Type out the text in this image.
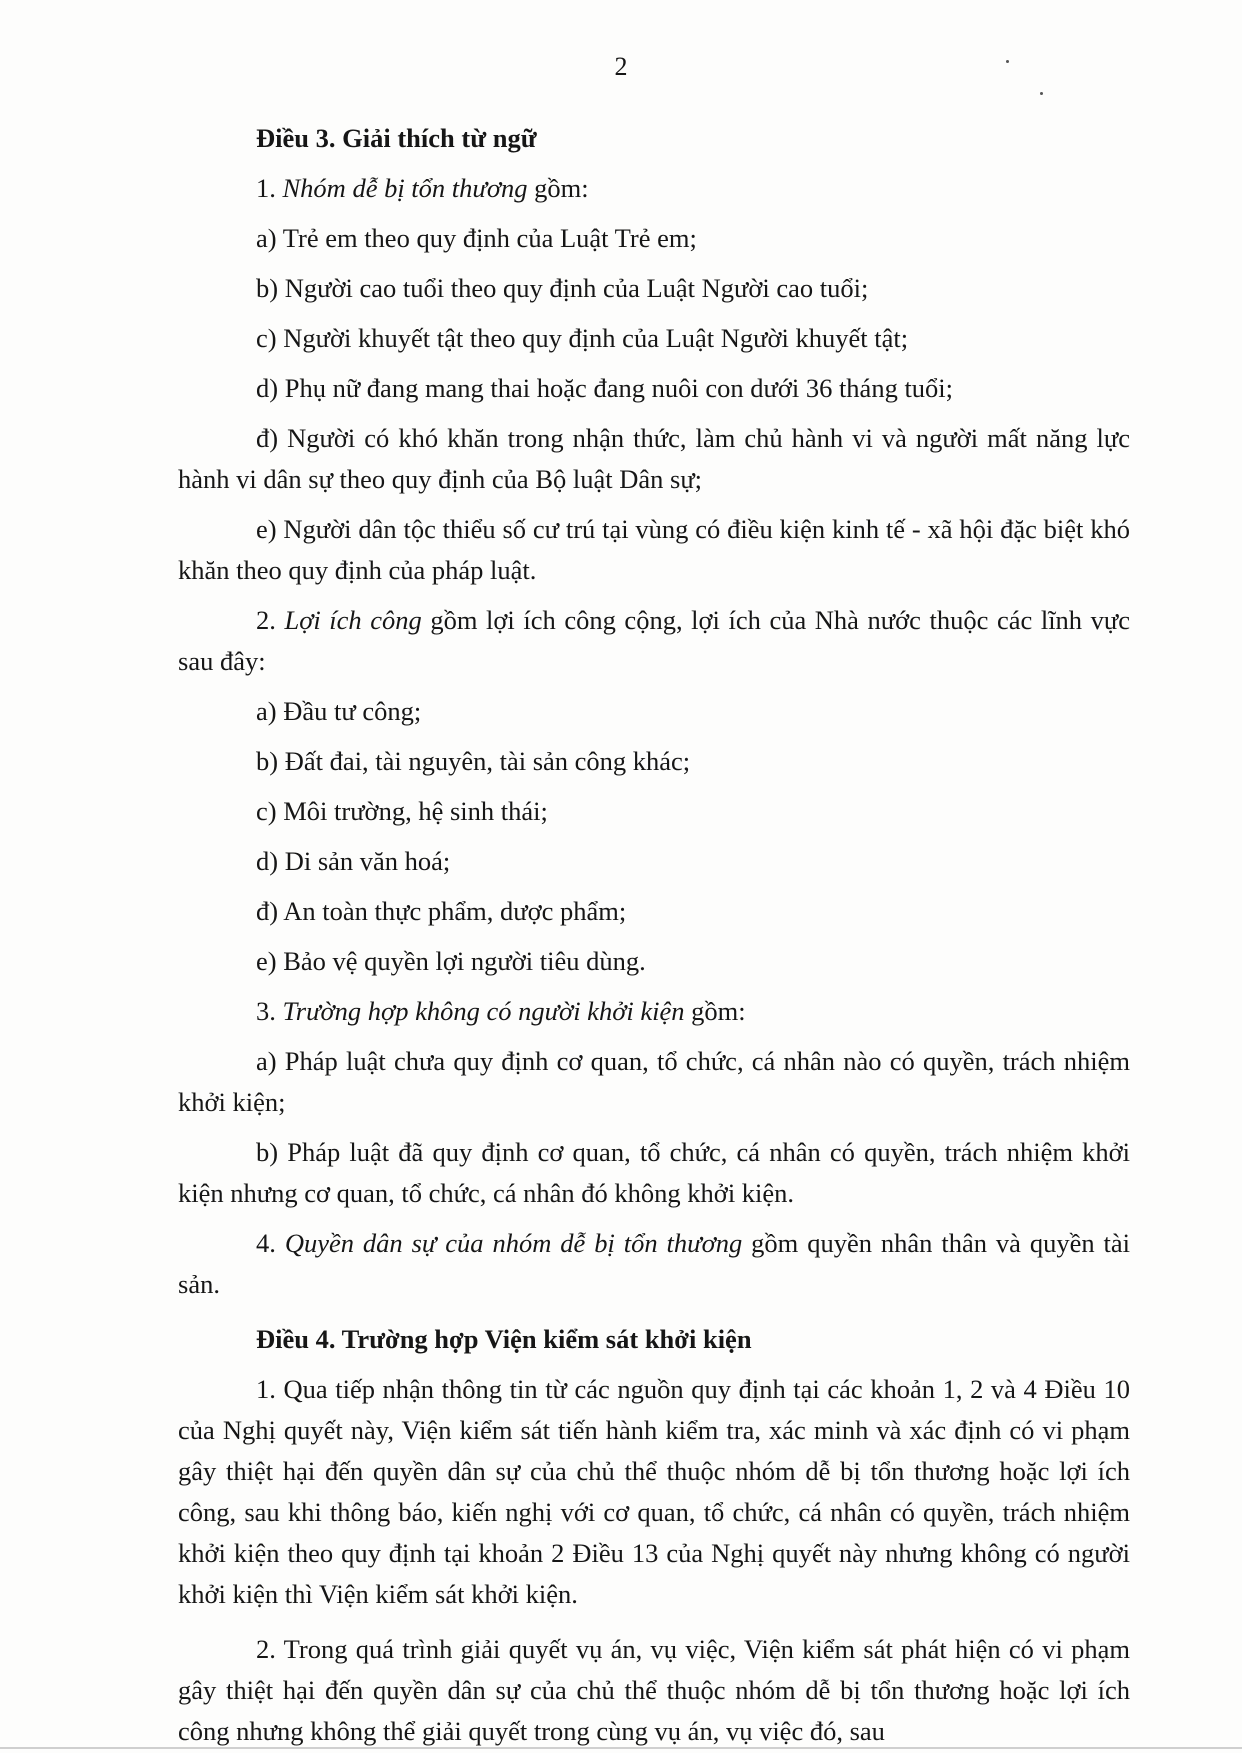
2
Điều 3. Giải thích từ ngữ
1. Nhóm dễ bị tổn thương gồm:
a) Trẻ em theo quy định của Luật Trẻ em;
b) Người cao tuổi theo quy định của Luật Người cao tuổi;
c) Người khuyết tật theo quy định của Luật Người khuyết tật;
d) Phụ nữ đang mang thai hoặc đang nuôi con dưới 36 tháng tuổi;
đ) Người có khó khăn trong nhận thức, làm chủ hành vi và người mất năng lực hành vi dân sự theo quy định của Bộ luật Dân sự;
e) Người dân tộc thiểu số cư trú tại vùng có điều kiện kinh tế - xã hội đặc biệt khó khăn theo quy định của pháp luật.
2. Lợi ích công gồm lợi ích công cộng, lợi ích của Nhà nước thuộc các lĩnh vực sau đây:
a) Đầu tư công;
b) Đất đai, tài nguyên, tài sản công khác;
c) Môi trường, hệ sinh thái;
d) Di sản văn hoá;
đ) An toàn thực phẩm, dược phẩm;
e) Bảo vệ quyền lợi người tiêu dùng.
3. Trường hợp không có người khởi kiện gồm:
a) Pháp luật chưa quy định cơ quan, tổ chức, cá nhân nào có quyền, trách nhiệm khởi kiện;
b) Pháp luật đã quy định cơ quan, tổ chức, cá nhân có quyền, trách nhiệm khởi kiện nhưng cơ quan, tổ chức, cá nhân đó không khởi kiện.
4. Quyền dân sự của nhóm dễ bị tổn thương gồm quyền nhân thân và quyền tài sản.
Điều 4. Trường hợp Viện kiểm sát khởi kiện
1. Qua tiếp nhận thông tin từ các nguồn quy định tại các khoản 1, 2 và 4 Điều 10 của Nghị quyết này, Viện kiểm sát tiến hành kiểm tra, xác minh và xác định có vi phạm gây thiệt hại đến quyền dân sự của chủ thể thuộc nhóm dễ bị tổn thương hoặc lợi ích công, sau khi thông báo, kiến nghị với cơ quan, tổ chức, cá nhân có quyền, trách nhiệm khởi kiện theo quy định tại khoản 2 Điều 13 của Nghị quyết này nhưng không có người khởi kiện thì Viện kiểm sát khởi kiện.
2. Trong quá trình giải quyết vụ án, vụ việc, Viện kiểm sát phát hiện có vi phạm gây thiệt hại đến quyền dân sự của chủ thể thuộc nhóm dễ bị tổn thương hoặc lợi ích công nhưng không thể giải quyết trong cùng vụ án, vụ việc đó, sau
